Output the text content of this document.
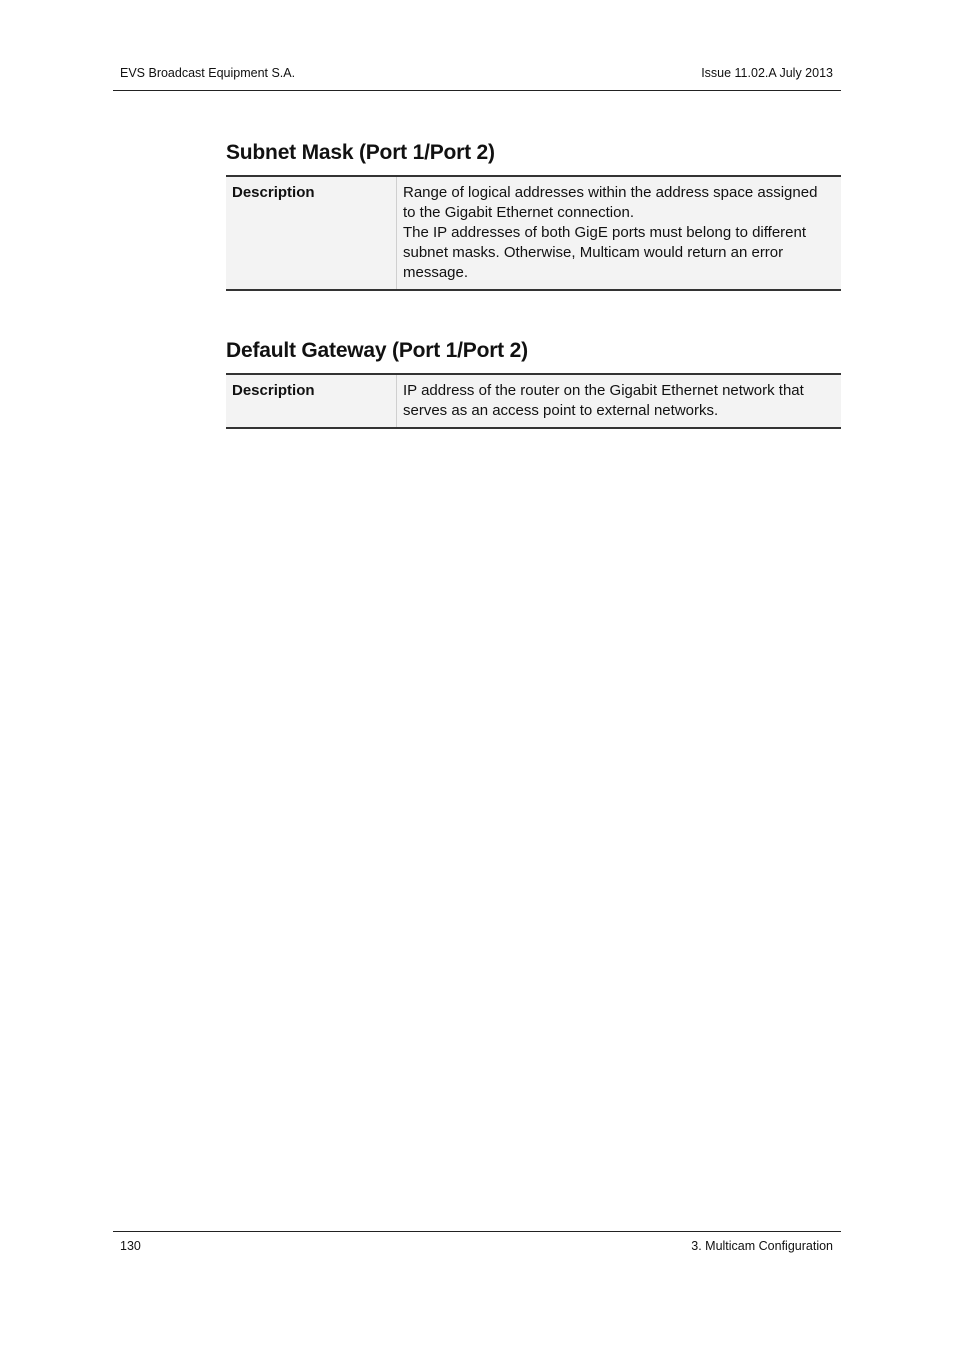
EVS Broadcast Equipment S.A.	Issue 11.02.A July 2013
Subnet Mask (Port 1/Port 2)
Description	Range of logical addresses within the address space assigned to the Gigabit Ethernet connection.

The IP addresses of both GigE ports must belong to different subnet masks. Otherwise, Multicam would return an error message.

Default Gateway (Port 1/Port 2)
Description	IP address of the router on the Gigabit Ethernet network that serves as an access point to external networks.

130	3. Multicam Configuration
